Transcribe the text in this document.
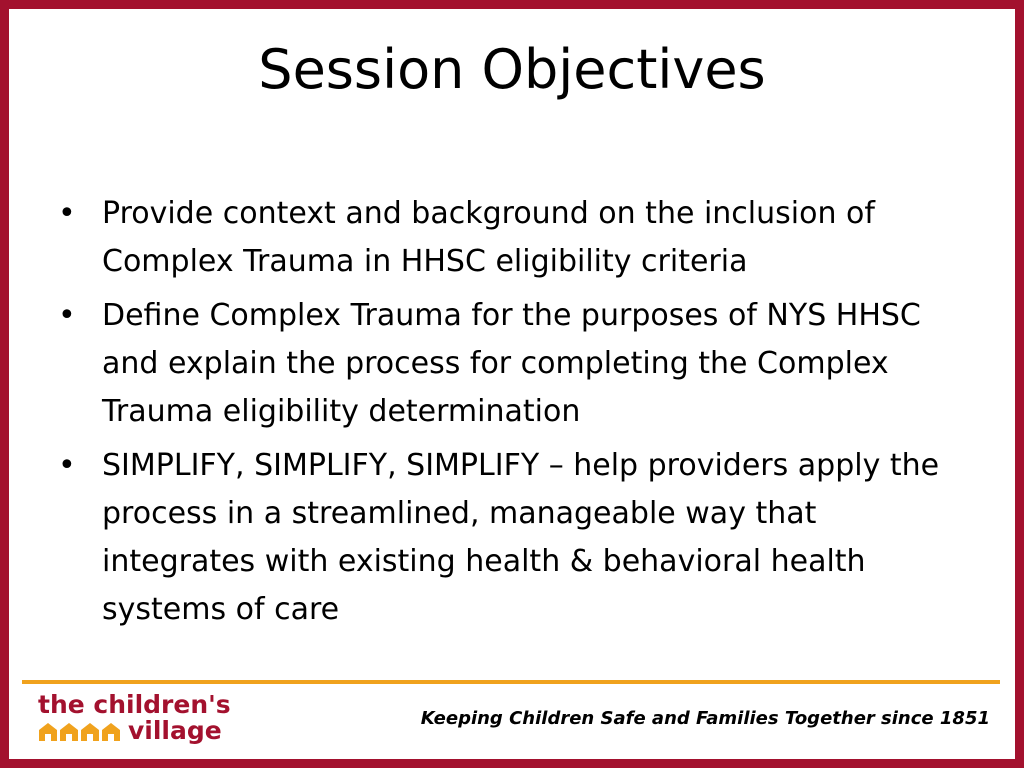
Session Objectives
• Provide context and background on the inclusion of Complex Trauma in HHSC eligibility criteria
• Define Complex Trauma for the purposes of NYS HHSC and explain the process for completing the Complex Trauma eligibility determination
• SIMPLIFY, SIMPLIFY, SIMPLIFY – help providers apply the process in a streamlined, manageable way that integrates with existing health & behavioral health systems of care
the children's
village	Keeping Children Safe and Families Together since 1851
